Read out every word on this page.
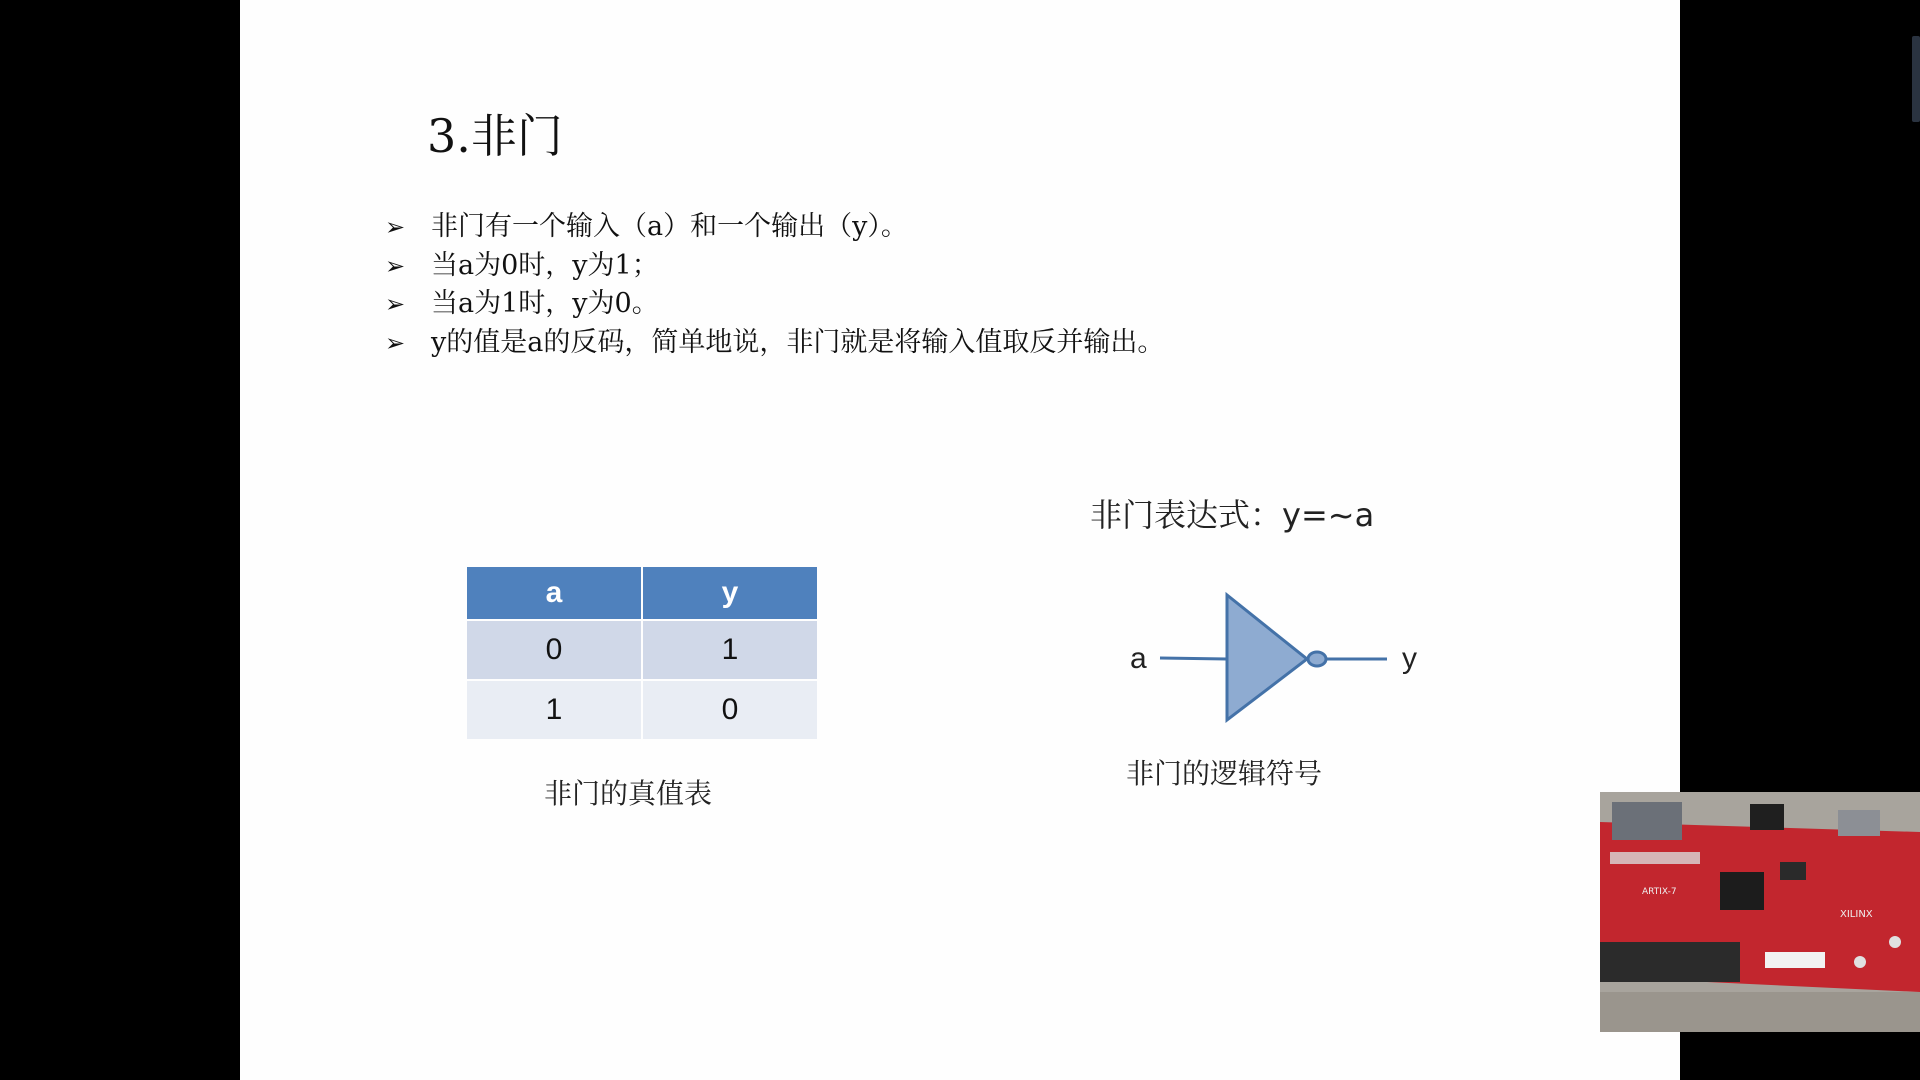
3.非门
➢ 非门有一个输入（a）和一个输出（y）。
➢ 当a为0时，y为1；
➢ 当a为1时，y为0。
➢ y的值是a的反码，简单地说，非门就是将输入值取反并输出。
a	y
0	1
1	0
非门的真值表
非门表达式：y=~a
a	y
非门的逻辑符号
ARTIX-7
XILINX
